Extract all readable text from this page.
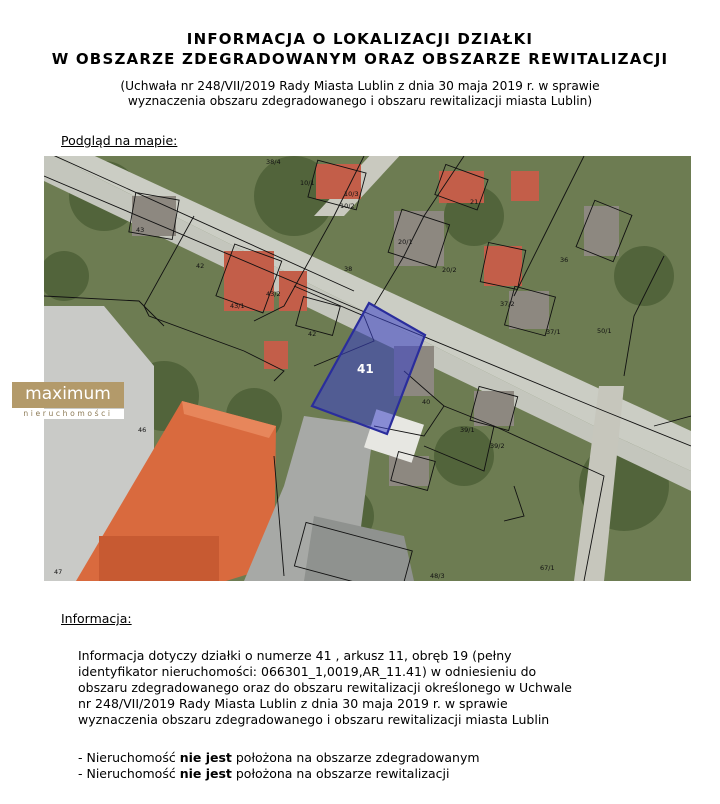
INFORMACJA O LOKALIZACJI DZIAŁKI
W OBSZARZE ZDEGRADOWANYM ORAZ OBSZARZE REWITALIZACJI
(Uchwała nr 248/VII/2019 Rady Miasta Lublin z dnia 30 maja 2019 r. w sprawie
wyznaczenia obszaru zdegradowanego i obszaru rewitalizacji miasta Lublin)
Podgląd na mapie:
38/4
10/1
10/2
10/3
21
43
42
43/2
43/1
42
38
20/1
20/2
36
37/1
37/2
50/1
40
46	39/1
39/2
47	48/3
67/1
41
maximum
nieruchomości
Informacja:
Informacja dotyczy działki o numerze 41 , arkusz 11, obręb 19 (pełny
identyfikator nieruchomości: 066301_1,0019,AR_11.41) w odniesieniu do
obszaru zdegradowanego oraz do obszaru rewitalizacji określonego w Uchwale
nr 248/VII/2019 Rady Miasta Lublin z dnia 30 maja 2019 r. w sprawie
wyznaczenia obszaru zdegradowanego i obszaru rewitalizacji miasta Lublin
- Nieruchomość nie jest położona na obszarze zdegradowanym
- Nieruchomość nie jest położona na obszarze rewitalizacji
